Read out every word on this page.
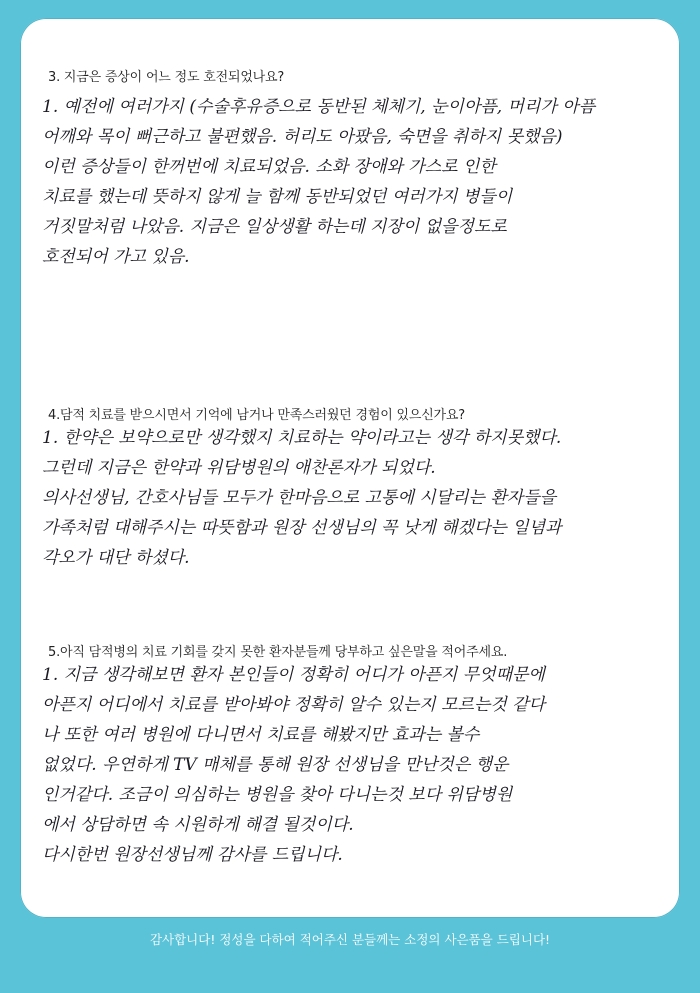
3. 지금은 증상이 어느 정도 호전되었나요?
1. 예전에 여러가지 (수술후유증으로 동반된 체체기, 눈이아픔, 머리가 아픔
어깨와 목이 뻐근하고 불편했음. 허리도 아팠음, 숙면을 취하지 못했음)
이런 증상들이 한꺼번에 치료되었음. 소화 장애와 가스로 인한
치료를 했는데 뜻하지 않게 늘 함께 동반되었던 여러가지 병들이
거짓말처럼 나았음. 지금은 일상생활 하는데 지장이 없을정도로
호전되어 가고 있음.
4.담적 치료를 받으시면서 기억에 남거나 만족스러웠던 경험이 있으신가요?
1. 한약은 보약으로만 생각했지 치료하는 약이라고는 생각 하지못했다.
그런데 지금은 한약과 위담병원의 애찬론자가 되었다.
의사선생님, 간호사님들 모두가 한마음으로 고통에 시달리는 환자들을
가족처럼 대해주시는 따뜻함과 원장 선생님의 꼭 낫게 해겠다는 일념과
각오가 대단 하셨다.
5.아직 담적병의 치료 기회를 갖지 못한 환자분들께 당부하고 싶은말을 적어주세요.
1. 지금 생각해보면 환자 본인들이 정확히 어디가 아픈지 무엇때문에
아픈지 어디에서 치료를 받아봐야 정확히 알수 있는지 모르는것 같다
나 또한 여러 병원에 다니면서 치료를 해봤지만 효과는 볼수
없었다. 우연하게 TV 매체를 통해 원장 선생님을 만난것은 행운
인거같다. 조금이 의심하는 병원을 찾아 다니는것 보다 위담병원
에서 상담하면 속 시원하게 해결 될것이다.
다시한번 원장선생님께 감사를 드립니다.
감사합니다! 정성을 다하여 적어주신 분들께는 소정의 사은품을 드립니다!
